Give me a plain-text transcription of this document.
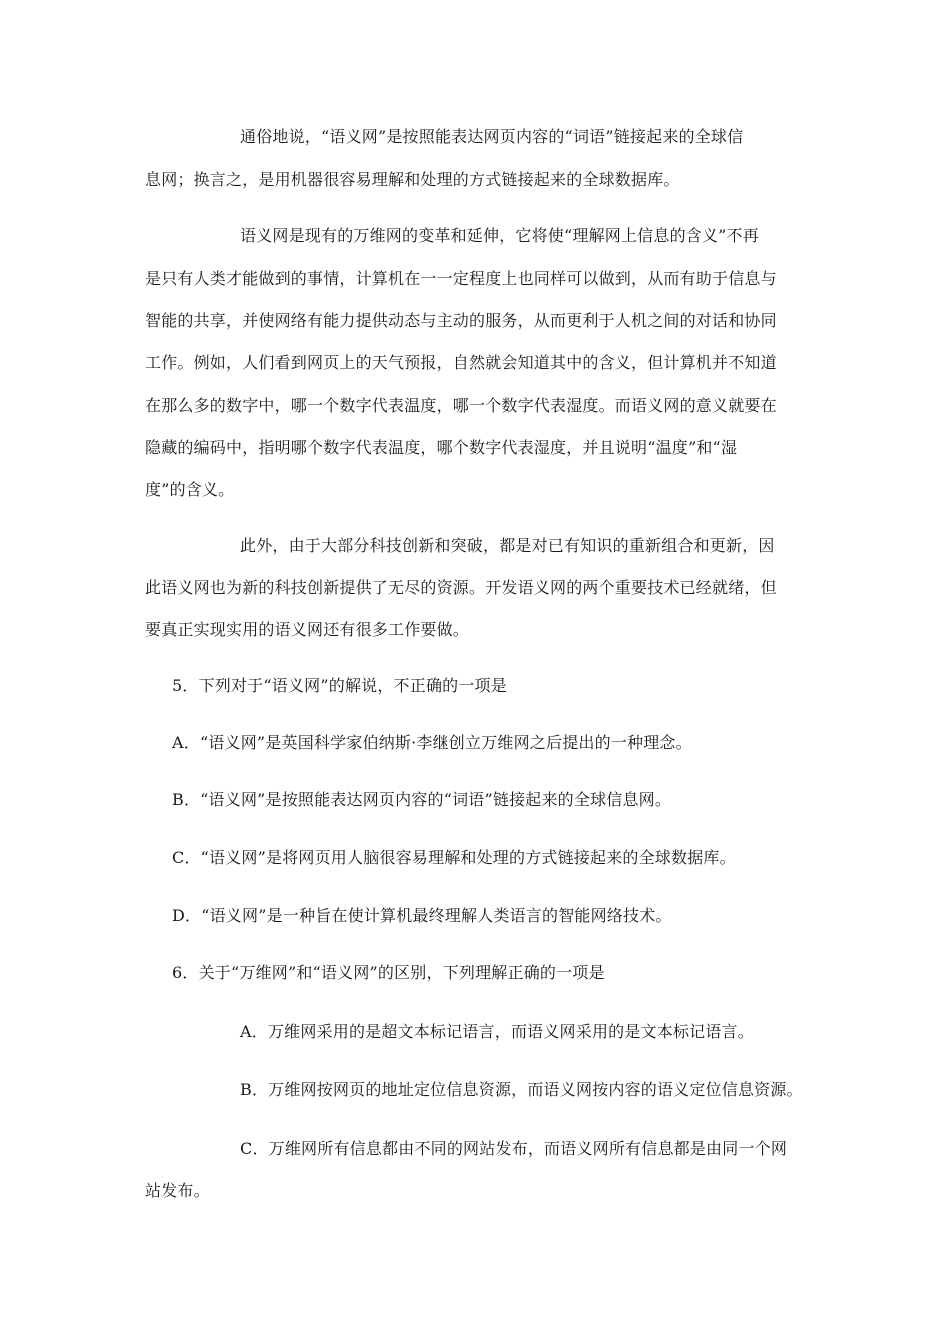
通俗地说，“语义网”是按照能表达网页内容的“词语”链接起来的全球信
息网；换言之，是用机器很容易理解和处理的方式链接起来的全球数据库。
语义网是现有的万维网的变革和延伸，它将使“理解网上信息的含义”不再
是只有人类才能做到的事情，计算机在一一定程度上也同样可以做到，从而有助于信息与
智能的共享，并使网络有能力提供动态与主动的服务，从而更利于人机之间的对话和协同
工作。例如，人们看到网页上的天气预报，自然就会知道其中的含义，但计算机并不知道
在那么多的数字中，哪一个数字代表温度，哪一个数字代表湿度。而语义网的意义就要在
隐藏的编码中，指明哪个数字代表温度，哪个数字代表湿度，并且说明“温度”和“湿
度”的含义。
此外，由于大部分科技创新和突破，都是对已有知识的重新组合和更新，因
此语义网也为新的科技创新提供了无尽的资源。开发语义网的两个重要技术已经就绪，但
要真正实现实用的语义网还有很多工作要做。
5．下列对于“语义网”的解说，不正确的一项是
A．“语义网”是英国科学家伯纳斯·李继创立万维网之后提出的一种理念。
B．“语义网”是按照能表达网页内容的“词语”链接起来的全球信息网。
C．“语义网”是将网页用人脑很容易理解和处理的方式链接起来的全球数据库。
D．“语义网”是一种旨在使计算机最终理解人类语言的智能网络技术。
6．关于“万维网”和“语义网”的区别，下列理解正确的一项是
A．万维网采用的是超文本标记语言，而语义网采用的是文本标记语言。
B．万维网按网页的地址定位信息资源，而语义网按内容的语义定位信息资源。
C．万维网所有信息都由不同的网站发布，而语义网所有信息都是由同一个网
站发布。
